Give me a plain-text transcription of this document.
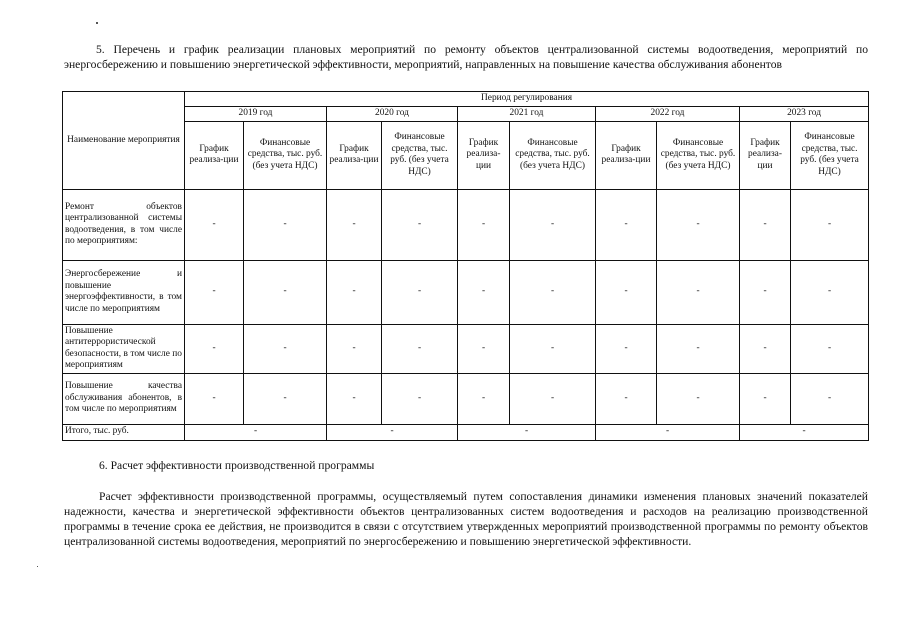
5. Перечень и график реализации плановых мероприятий по ремонту объектов централизованной системы водоотведения, мероприятий по энергосбережению и повышению энергетической эффективности, мероприятий, направленных на повышение качества обслуживания абонентов
Наименование мероприятия	Период регулирования									
	2019 год		2020 год		2021 год		2022 год		2023 год	
	График реализа-ции	Финансовые средства, тыс. руб. (без учета НДС)	График реализа-ции	Финансовые средства, тыс. руб. (без учета НДС)	График реализа-ции	Финансовые средства, тыс. руб. (без учета НДС)	График реализа-ции	Финансовые средства, тыс. руб. (без учета НДС)	График реализа-ции	Финансовые средства, тыс. руб. (без учета НДС)
Ремонт объектов централизованной системы водоотведения, в том числе по мероприятиям:	-	-	-	-	-	-	-	-	-	-
Энергосбережение и повышение энергоэффективности, в том числе по мероприятиям	-	-	-	-	-	-	-	-	-	-
Повышение антитеррористической безопасности, в том числе по мероприятиям	-	-	-	-	-	-	-	-	-	-
Повышение качества обслуживания абонентов, в том числе по мероприятиям	-	-	-	-	-	-	-	-	-	-
Итого, тыс. руб.	-		-		-		-		-	
6. Расчет эффективности производственной программы
Расчет эффективности производственной программы, осуществляемый путем сопоставления динамики изменения плановых значений показателей надежности, качества и энергетической эффективности объектов централизованных систем водоотведения и расходов на реализацию производственной программы в течение срока ее действия, не производится в связи с отсутствием утвержденных мероприятий производственной программы по ремонту объектов централизованной системы водоотведения, мероприятий по энергосбережению и повышению энергетической эффективности.
